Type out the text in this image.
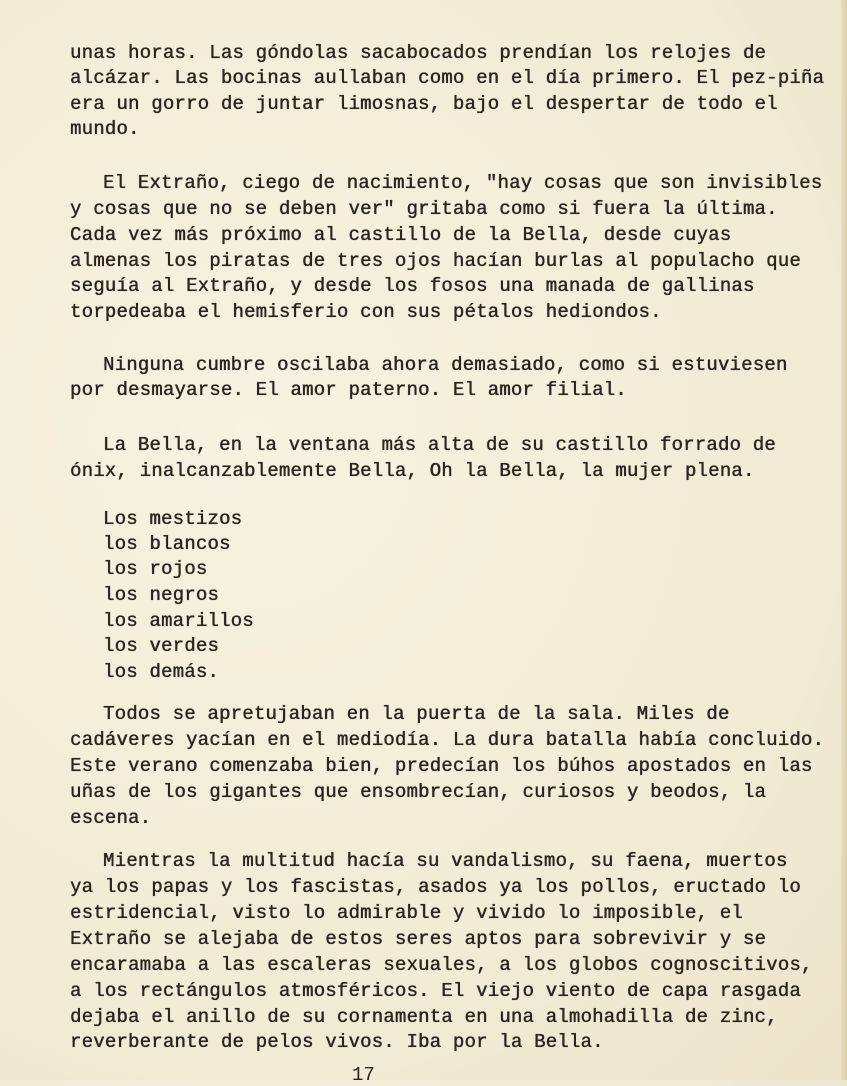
17
unas horas. Las góndolas sacabocados prendían los relojes de
alcázar. Las bocinas aullaban como en el día primero. El pez-piña
era un gorro de juntar limosnas, bajo el despertar de todo el
mundo.
El Extraño, ciego de nacimiento, "hay cosas que son invisibles
y cosas que no se deben ver" gritaba como si fuera la última.
Cada vez más próximo al castillo de la Bella, desde cuyas
almenas los piratas de tres ojos hacían burlas al populacho que
seguía al Extraño, y desde los fosos una manada de gallinas
torpedeaba el hemisferio con sus pétalos hediondos.
Ninguna cumbre oscilaba ahora demasiado, como si estuviesen
por desmayarse. El amor paterno. El amor filial.
La Bella, en la ventana más alta de su castillo forrado de
ónix, inalcanzablemente Bella, Oh la Bella, la mujer plena.
Los mestizos
los blancos
los rojos
los negros
los amarillos
los verdes
los demás.
Todos se apretujaban en la puerta de la sala. Miles de
cadáveres yacían en el mediodía. La dura batalla había concluido.
Este verano comenzaba bien, predecían los búhos apostados en las
uñas de los gigantes que ensombrecían, curiosos y beodos, la
escena.
Mientras la multitud hacía su vandalismo, su faena, muertos
ya los papas y los fascistas, asados ya los pollos, eructado lo
estridencial, visto lo admirable y vivido lo imposible, el
Extraño se alejaba de estos seres aptos para sobrevivir y se
encaramaba a las escaleras sexuales, a los globos cognoscitivos,
a los rectángulos atmosféricos. El viejo viento de capa rasgada
dejaba el anillo de su cornamenta en una almohadilla de zinc,
reverberante de pelos vivos. Iba por la Bella.
